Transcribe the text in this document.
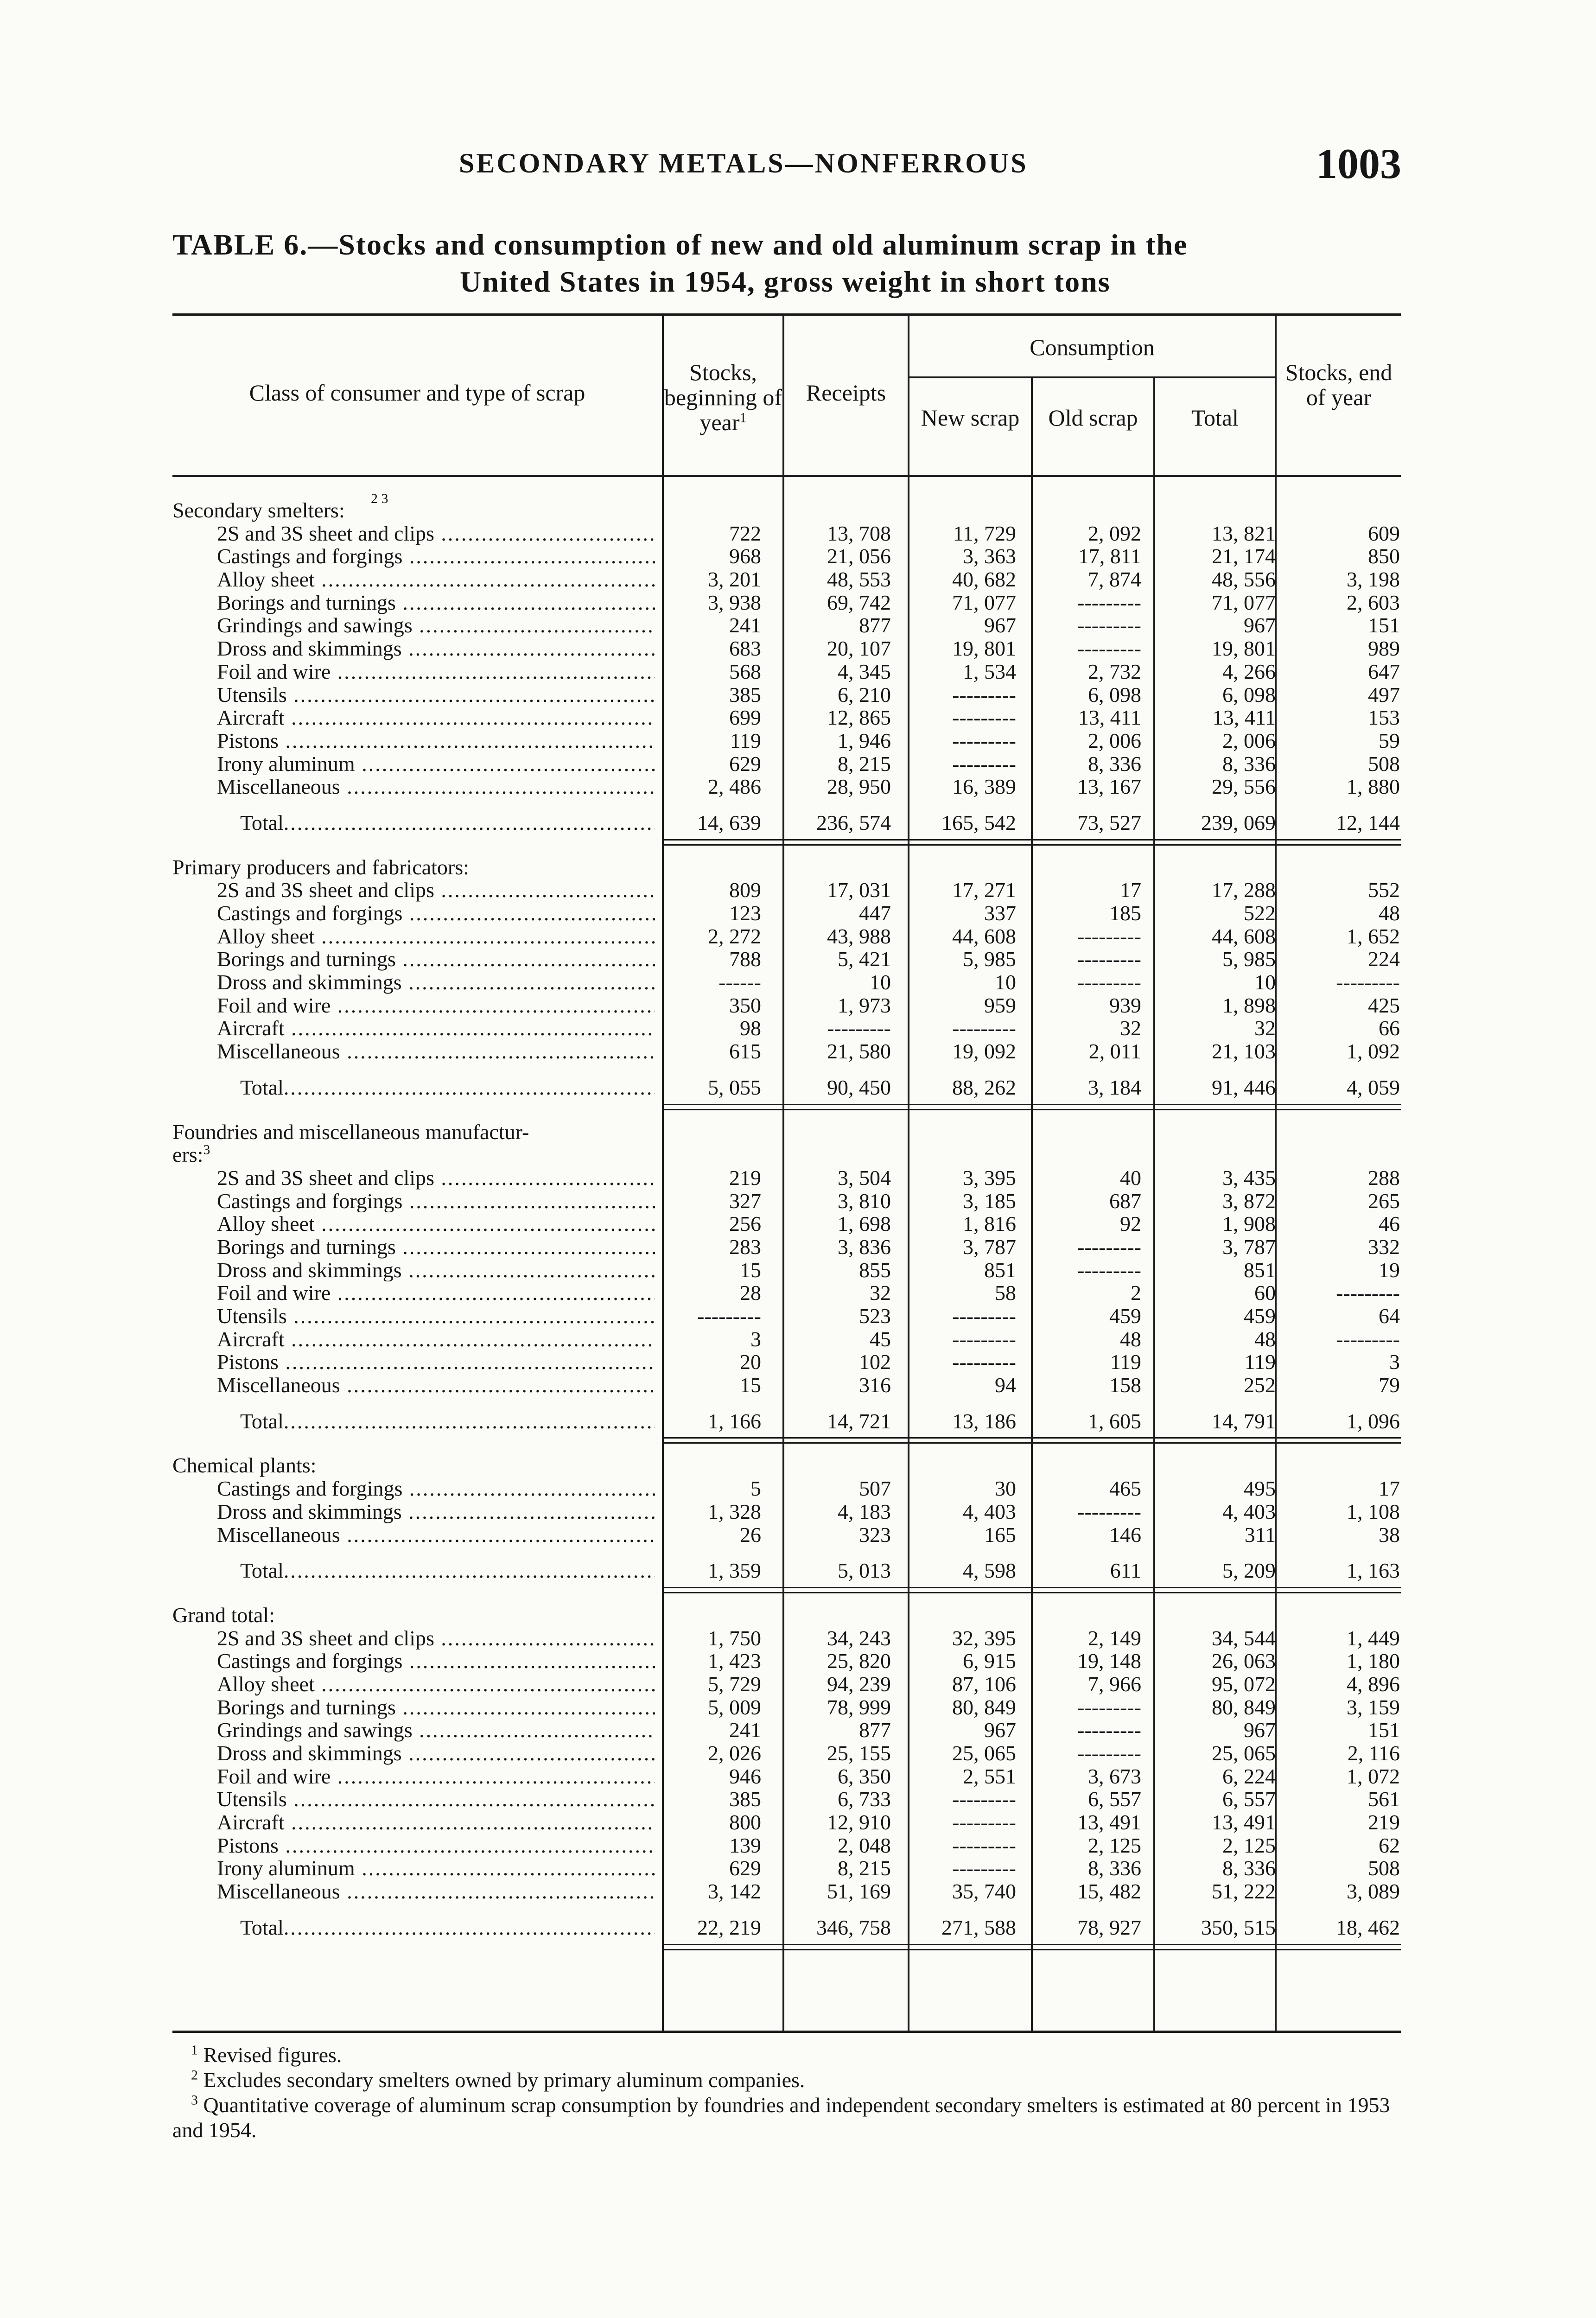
SECONDARY METALS—NONFERROUS	1003
TABLE 6.—Stocks and consumption of new and old aluminum scrap in the
United States in 1954, gross weight in short tons
Class of consumer and type of scrap
Stocks, beginning of year$^1$
Receipts
Consumption
New scrap	Old scrap	Total
Stocks, end of year
Secondary smelters:	2 3
2S and 3S sheet and clips .....	722	13, 708	11, 729	2, 092	13, 821	609
Castings and forgings .....	968	21, 056	3, 363	17, 811	21, 174	850
Alloy sheet .....	3, 201	48, 553	40, 682	7, 874	48, 556	3, 198
Borings and turnings .....	3, 938	69, 742	71, 077	---------	71, 077	2, 603
Grindings and sawings .....	241	877	967	---------	967	151
Dross and skimmings .....	683	20, 107	19, 801	---------	19, 801	989
Foil and wire .....	568	4, 345	1, 534	2, 732	4, 266	647
Utensils .....	385	6, 210	---------	6, 098	6, 098	497
Aircraft .....	699	12, 865	---------	13, 411	13, 411	153
Pistons .....	119	1, 946	---------	2, 006	2, 006	59
Irony aluminum .....	629	8, 215	---------	8, 336	8, 336	508
Miscellaneous .....	2, 486	28, 950	16, 389	13, 167	29, 556	1, 880
Total .....	14, 639	236, 574	165, 542	73, 527	239, 069	12, 144
Primary producers and fabricators:
2S and 3S sheet and clips .....	809	17, 031	17, 271	17	17, 288	552
Castings and forgings .....	123	447	337	185	522	48
Alloy sheet .....	2, 272	43, 988	44, 608	---------	44, 608	1, 652
Borings and turnings .....	788	5, 421	5, 985	---------	5, 985	224
Dross and skimmings .....	------	10	10	---------	10	---------
Foil and wire .....	350	1, 973	959	939	1, 898	425
Aircraft .....	98	---------	---------	32	32	66
Miscellaneous .....	615	21, 580	19, 092	2, 011	21, 103	1, 092
Total .....	5, 055	90, 450	88, 262	3, 184	91, 446	4, 059
Foundries and miscellaneous manufactur-
ers:$^3$
2S and 3S sheet and clips .....	219	3, 504	3, 395	40	3, 435	288
Castings and forgings .....	327	3, 810	3, 185	687	3, 872	265
Alloy sheet .....	256	1, 698	1, 816	92	1, 908	46
Borings and turnings .....	283	3, 836	3, 787	---------	3, 787	332
Dross and skimmings .....	15	855	851	---------	851	19
Foil and wire .....	28	32	58	2	60	---------
Utensils .....	---------	523	---------	459	459	64
Aircraft .....	3	45	---------	48	48	---------
Pistons .....	20	102	---------	119	119	3
Miscellaneous .....	15	316	94	158	252	79
Total .....	1, 166	14, 721	13, 186	1, 605	14, 791	1, 096
Chemical plants:
Castings and forgings .....	5	507	30	465	495	17
Dross and skimmings .....	1, 328	4, 183	4, 403	---------	4, 403	1, 108
Miscellaneous .....	26	323	165	146	311	38
Total .....	1, 359	5, 013	4, 598	611	5, 209	1, 163
Grand total:
2S and 3S sheet and clips .....	1, 750	34, 243	32, 395	2, 149	34, 544	1, 449
Castings and forgings .....	1, 423	25, 820	6, 915	19, 148	26, 063	1, 180
Alloy sheet .....	5, 729	94, 239	87, 106	7, 966	95, 072	4, 896
Borings and turnings .....	5, 009	78, 999	80, 849	---------	80, 849	3, 159
Grindings and sawings .....	241	877	967	---------	967	151
Dross and skimmings .....	2, 026	25, 155	25, 065	---------	25, 065	2, 116
Foil and wire .....	946	6, 350	2, 551	3, 673	6, 224	1, 072
Utensils .....	385	6, 733	---------	6, 557	6, 557	561
Aircraft .....	800	12, 910	---------	13, 491	13, 491	219
Pistons .....	139	2, 048	---------	2, 125	2, 125	62
Irony aluminum .....	629	8, 215	---------	8, 336	8, 336	508
Miscellaneous .....	3, 142	51, 169	35, 740	15, 482	51, 222	3, 089
Total .....	22, 219	346, 758	271, 588	78, 927	350, 515	18, 462
$^1$ Revised figures.
$^2$ Excludes secondary smelters owned by primary aluminum companies.
$^3$ Quantitative coverage of aluminum scrap consumption by foundries and independent secondary smelters is estimated at 80 percent in 1953 and 1954.
